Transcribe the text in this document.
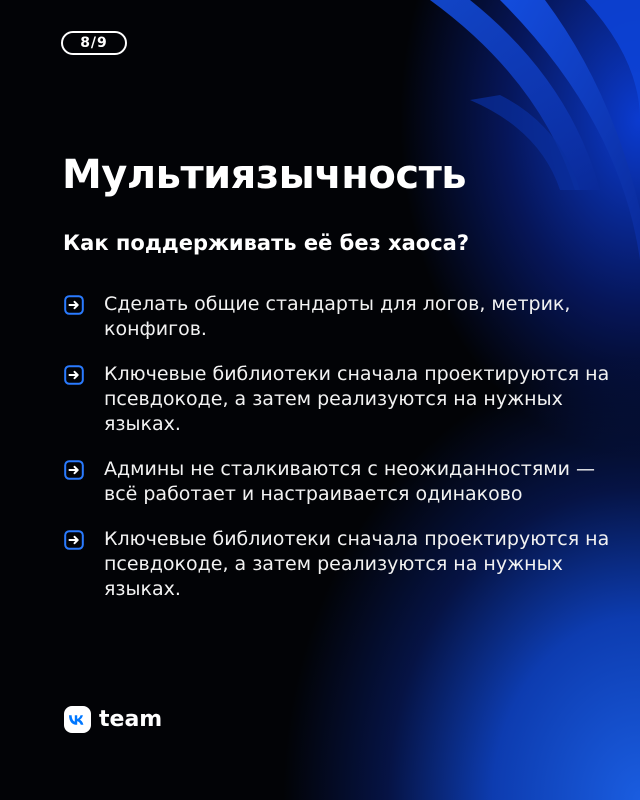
8/9
Мультиязычность
Как поддерживать её без хаоса?
Сделать общие стандарты для логов, метрик, конфигов.
Ключевые библиотеки сначала проектируются на псевдокоде, а затем реализуются на нужных языках.
Админы не сталкиваются с неожиданностями — всё работает и настраивается одинаково
Ключевые библиотеки сначала проектируются на псевдокоде, а затем реализуются на нужных языках.
team
